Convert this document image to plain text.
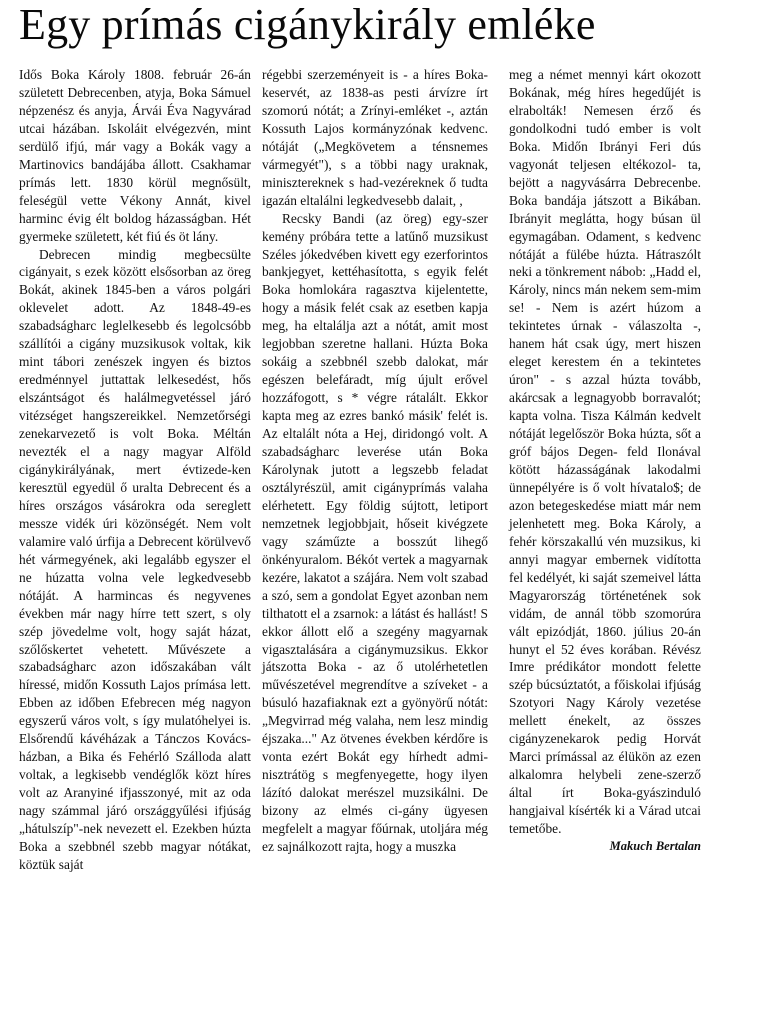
Egy prímás cigánykirály emléke

Idős Boka Károly 1808. február 26-án született Debrecenben, atyja, Boka Sámuel népzenész és anyja, Árvái Éva Nagyvárad utcai házában. Iskoláit elvégezvén, mint serdülő ifjú, már vagy a Bokák vagy a Martinovics bandájába állott. Csakhamar prímás lett. 1830 körül megnősült, feleségül vette Vékony Annát, kivel harminc évig élt boldog házasságban. Hét gyermeke született, két fiú és öt lány.

Debrecen mindig megbecsülte cigányait, s ezek között elsősorban az öreg Bokát, akinek 1845-ben a város polgári oklevelet adott. Az 1848-49-es szabadságharc leglelkesebb és legolcsóbb szállítói a cigány muzsikusok voltak, kik mint tábori zenészek ingyen és biztos eredménnyel juttattak lelkesedést, hős elszántságot és halálmegvetéssel járó vitézséget hangszereikkel. Nemzetőrségi zenekarvezető is volt Boka. Méltán nevezték el a nagy magyar Alföld cigánykirályának, mert évtizede-ken keresztül egyedül ő uralta Debrecent és a híres országos vásárokra oda sereglett messze vidék úri közönségét. Nem volt valamire való úrfija a Debrecent körülvevő hét vármegyének, aki legalább egyszer el ne húzatta volna vele legkedvesebb nótáját. A harmincas és negyvenes években már nagy hírre tett szert, s oly szép jövedelme volt, hogy saját házat, szőlőskertet vehetett. Művészete a szabadságharc azon időszakában vált híressé, midőn Kossuth Lajos prímása lett. Ebben az időben Efebrecen még nagyon egyszerű város volt, s így mulatóhelyei is. Elsőrendű kávéházak a Tánczos Kovács-házban, a Bika és Fehérló Szálloda alatt voltak, a legkisebb vendéglők közt híres volt az Aranyiné ifjasszonyé, mit az oda nagy számmal járó országgyűlési ifjúság „hátulszíp"-nek nevezett el. Ezekben húzta Boka a szebbnél szebb magyar nótákat, köztük saját

régebbi szerzeményeit is - a híres Boka-keservét, az 1838-as pesti árvízre írt szomorú nótát; a Zrínyi-emléket -, aztán Kossuth Lajos kormányzónak kedvenc. nótáját („Megkövetem a ténsnemes vármegyét"), s a többi nagy uraknak, minisztereknek s had-vezéreknek ő tudta igazán eltalálni legkedvesebb dalait, ,

Recsky Bandi (az öreg) egy-szer kemény próbára tette a latűnő muzsikust Széles jókedvében kivett egy ezerforintos bankjegyet, kettéhasította, s egyik felét Boka homlokára ragasztva kijelentette, hogy a másik felét csak az esetben kapja meg, ha eltalálja azt a nótát, amit most legjobban szeretne hallani. Húzta Boka sokáig a szebbnél szebb dalokat, már egészen belefáradt, míg újult erővel hozzáfogott, s * végre rátalált. Ekkor kapta meg az ezres bankó másik' felét is. Az eltalált nóta a Hej, diridongó volt. A szabadságharc leverése után Boka Károlynak jutott a legszebb feladat osztályrészül, amit cigányprímás valaha elérhetett. Egy földig sújtott, letiport nemzetnek legjobbjait, hőseit kivégzete vagy száműzte a bosszút lihegő önkényuralom. Békót vertek a magyarnak kezére, lakatot a szájára. Nem volt szabad a szó, sem a gondolat Egyet azonban nem tilthatott el a zsarnok: a látást és hallást! S ekkor állott elő a szegény magyarnak vigasztalására a cigánymuzsikus. Ekkor játszotta Boka - az ő utolérhetetlen művészetével megrendítve a szíveket - a búsuló hazafiaknak ezt a gyönyörű nótát: „Megvirrad még valaha, nem lesz mindig éjszaka..." Az ötvenes években kérdőre is vonta ezért Bokát egy hírhedt admi- nisztrátög s megfenyegette, hogy ilyen lázító dalokat merészel muzsikálni. De bizony az elmés ci-gány ügyesen megfelelt a magyar főúrnak, utoljára még ez sajnálkozott rajta, hogy a muszka

meg a német mennyi kárt okozott Bokának, még híres hegedűjét is elrabolták! Nemesen érző és gondolkodni tudó ember is volt Boka. Midőn Ibrányi Feri dús vagyonát teljesen eltékozol- ta, bejött a nagyvásárra Debrecenbe. Boka bandája játszott a Bikában. Ibrányit meglátta, hogy búsan ül egymagában. Odament, s kedvenc nótáját a fülébe húzta. Hátraszólt neki a tönkrement nábob: „Hadd el, Károly, nincs mán nekem sem-mim se! - Nem is azért húzom a tekintetes úrnak - válaszolta -, hanem hát csak úgy, mert hiszen eleget kerestem én a tekintetes úron" - s azzal húzta tovább, akárcsak a legnagyobb borravalót; kapta volna. Tisza Kálmán kedvelt nótáját legelőször Boka húzta, sőt a gróf bájos Degen- feld Ilonával kötött házasságának lakodalmi ünnepélyére is ő volt hívatalo$; de azon betegeskedése miatt már nem jelenhetett meg. Boka Károly, a fehér körszakallú vén muzsikus, ki annyi magyar embernek vidította fel kedélyét, ki saját szemeivel látta Magyarország történetének sok vidám, de annál több szomorúra vált epizódját, 1860. július 20-án hunyt el 52 éves korában. Révész Imre prédikátor mondott felette szép búcsúztatót, a főiskolai ifjúság Szotyori Nagy Károly vezetése mellett énekelt, az összes cigányzenekarok pedig Horvát Marci prímással az élükön az ezen alkalomra helybeli zene-szerző által írt Boka-gyászinduló hangjaival kísérték ki a Várad utcai temetőbe.

Makuch Bertalan
